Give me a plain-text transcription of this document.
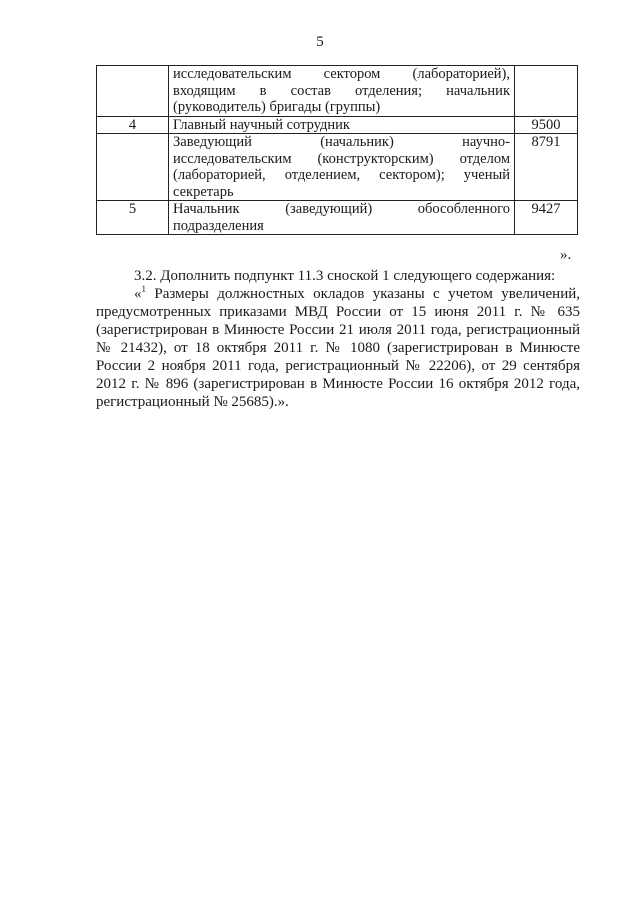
5

	исследовательским сектором (лабораторией),
входящим в состав отделения; начальник
(руководитель) бригады (группы)	

4	Главный научный сотрудник	9500

	Заведующий (начальник) научно-
исследовательским (конструкторским) отделом
(лабораторией, отделением, сектором); ученый
секретарь	8791
5	Начальник (заведующий) обособленного
подразделения	9427
».
3.2. Дополнить подпункт 11.3 сноской 1 следующего содержания:
«$^1$ Размеры должностных окладов указаны с учетом увеличений,
предусмотренных приказами МВД России от 15 июня 2011 г. № 635
(зарегистрирован в Минюсте России 21 июля 2011 года, регистрационный
№ 21432), от 18 октября 2011 г. № 1080 (зарегистрирован в Минюсте
России 2 ноября 2011 года, регистрационный № 22206), от 29 сентября
2012 г. № 896 (зарегистрирован в Минюсте России 16 октября 2012 года,
регистрационный № 25685).».
